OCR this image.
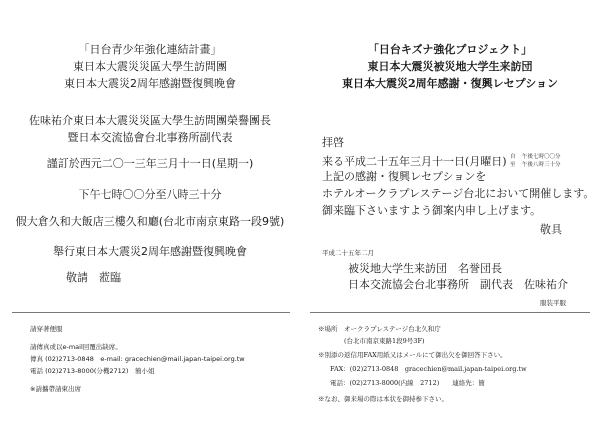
「日台青少年強化連結計畫」
東日本大震災災區大學生訪問團
東日本大震災2周年感謝暨復興晚會
佐味祐介東日本大震災災區大學生訪問團榮譽團長
暨日本交流協會台北事務所副代表
謹訂於西元二〇一三年三月十一日(星期一)
下午七時〇〇分至八時三十分
假大倉久和大飯店三樓久和廳(台北市南京東路一段9號)
舉行東日本大震災2周年感謝暨復興晚會
敬請　蒞臨
請穿著便服
請傳真或以e-mail回覆出缺席。
傳真 (02)2713-0848　e-mail: gracechien@mail.japan-taipei.org.tw
電話 (02)2713-8000(分機2712)　簡小姐
※請攜帶請柬出席
「日台キズナ強化プロジェクト」
東日本大震災被災地大学生来訪団
東日本大震災2周年感謝・復興レセプション
拝啓
来る平成二十五年三月十一日(月曜日) 自 午後七時〇〇分
至 午後八時三十分
上記の感謝・復興レセプションを
ホテルオークラプレステージ台北において開催します。
御来臨下さいますよう御案内申し上げます。
敬具
平成二十五年二月
被災地大学生来訪団　名誉団長
日本交流協会台北事務所　副代表　佐味祐介
服装平服
※場所　オークラプレステージ台北久和庁
(台北市南京東路1段9号3F)
※別添の返信用FAX用紙又はメールにて御出欠を御回答下さい。
FAX：(02)2713-0848　gracechien@mail.japan-taipei.org.tw
電話：(02)2713-8000(内線　2712)　　連絡先：簡
※なお、御来場の際は本状を御持参下さい。
